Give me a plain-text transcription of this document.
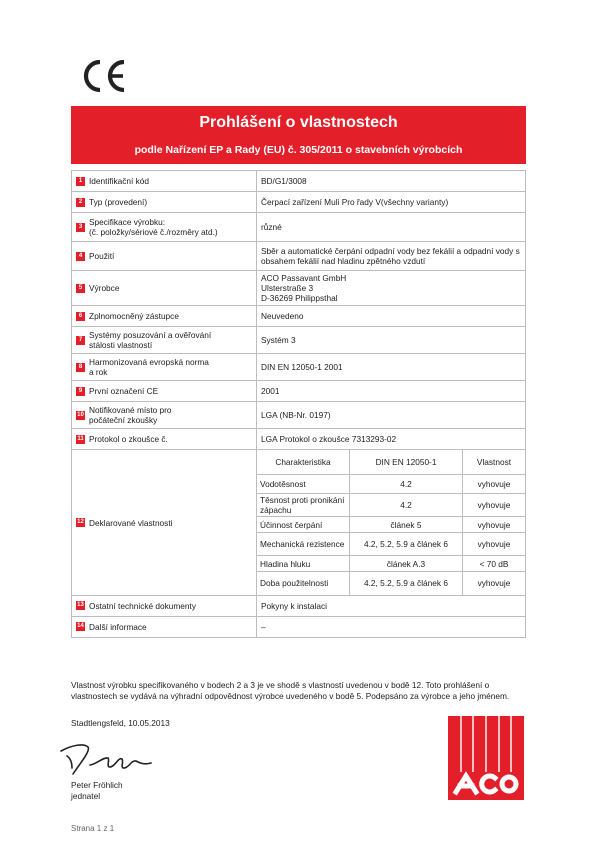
Prohlášení o vlastnostech
podle Nařízení EP a Rady (EU) č. 305/2011 o stavebních výrobcích
1 Identifikační kód	BD/G1/3008
2 Typ (provedení)	Čerpací zařízení Muli Pro řady V(všechny varianty)
3 Specifikace výrobku:
(č. položky/sériové č./rozměry atd.)	různé
4 Použití	Sběr a automatické čerpání odpadní vody bez fekálií a odpadní vody s obsahem fekálií nad hladinu zpětného vzdutí
5 Výrobce	ACO Passavant GmbH
Ulsterstraße 3
D-36269 Philippsthal
6 Zplnomocněný zástupce	Neuvedeno
7 Systémy posuzování a ověřování
stálosti vlastností	Systém 3
8 Harmonizovaná evropská norma
a rok	DIN EN 12050-1 2001
9 První označení CE	2001
10 Notifikované místo pro
počáteční zkoušky	LGA (NB-Nr. 0197)
11 Protokol o zkoušce č.	LGA Protokol o zkoušce 7313293-02
12 Deklarované vlastnosti	
Charakteristika	DIN EN 12050-1	Vlastnost
Vodotěsnost	4.2	vyhovuje
Těsnost proti pronikání zápachu	4.2	vyhovuje
Účinnost čerpání	článek 5	vyhovuje
Mechanická rezistence	4.2, 5.2, 5.9 a článek 6	vyhovuje
Hladina hluku	článek A.3	< 70 dB
Doba použitelnosti	4.2, 5.2, 5.9 a článek 6	vyhovuje

13 Ostatní technické dokumenty	Pokyny k instalaci
14 Další informace	–
Vlastnost výrobku specifikovaného v bodech 2 a 3 je ve shodě s vlastností uvedenou v bodě 12. Toto prohlášení o vlastnostech se vydává na výhradní odpovědnost výrobce uvedeného v bodě 5. Podepsáno za výrobce a jeho jménem.
Stadtlengsfeld, 10.05.2013
Peter Fröhlich
jednatel
Strana 1 z 1
